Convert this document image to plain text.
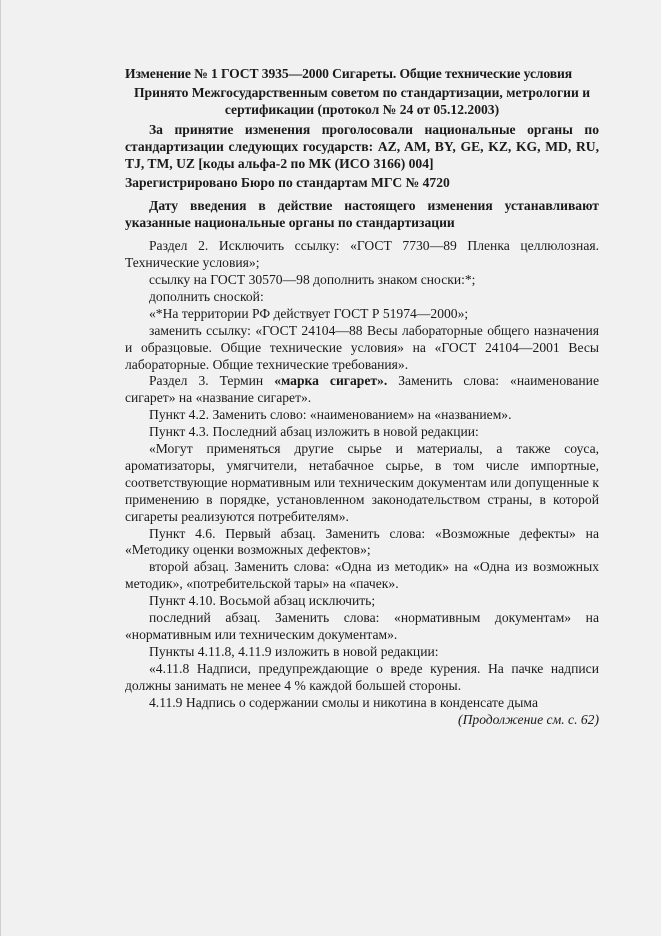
Изменение № 1 ГОСТ 3935—2000 Сигареты. Общие технические условия

Принято Межгосударственным советом по стандартизации, метрологии и сертификации (протокол № 24 от 05.12.2003)

За принятие изменения проголосовали национальные органы по стандартизации следующих государств: AZ, AM, BY, GE, KZ, KG, MD, RU, TJ, TM, UZ [коды альфа-2 по МК (ИСО 3166) 004]

Зарегистрировано Бюро по стандартам МГС № 4720

Дату введения в действие настоящего изменения устанавливают указанные национальные органы по стандартизации

Раздел 2. Исключить ссылку: «ГОСТ 7730—89 Пленка целлюлозная. Технические условия»;

ссылку на ГОСТ 30570—98 дополнить знаком сноски:*;

дополнить сноской:

«*На территории РФ действует ГОСТ Р 51974—2000»;

заменить ссылку: «ГОСТ 24104—88 Весы лабораторные общего назначения и образцовые. Общие технические условия» на «ГОСТ 24104—2001 Весы лабораторные. Общие технические требования».

Раздел 3. Термин «марка сигарет». Заменить слова: «наименование сигарет» на «название сигарет».

Пункт 4.2. Заменить слово: «наименованием» на «названием».

Пункт 4.3. Последний абзац изложить в новой редакции:

«Могут применяться другие сырье и материалы, а также соуса, ароматизаторы, умягчители, нетабачное сырье, в том числе импортные, соответствующие нормативным или техническим документам или допущенные к применению в порядке, установленном законодательством страны, в которой сигареты реализуются потребителям».

Пункт 4.6. Первый абзац. Заменить слова: «Возможные дефекты» на «Методику оценки возможных дефектов»;

второй абзац. Заменить слова: «Одна из методик» на «Одна из возможных методик», «потребительской тары» на «пачек».

Пункт 4.10. Восьмой абзац исключить;

последний абзац. Заменить слова: «нормативным документам» на «нормативным или техническим документам».

Пункты 4.11.8, 4.11.9 изложить в новой редакции:

«4.11.8 Надписи, предупреждающие о вреде курения. На пачке надписи должны занимать не менее 4 % каждой большей стороны.

4.11.9 Надпись о содержании смолы и никотина в конденсате дыма

(Продолжение см. с. 62)
